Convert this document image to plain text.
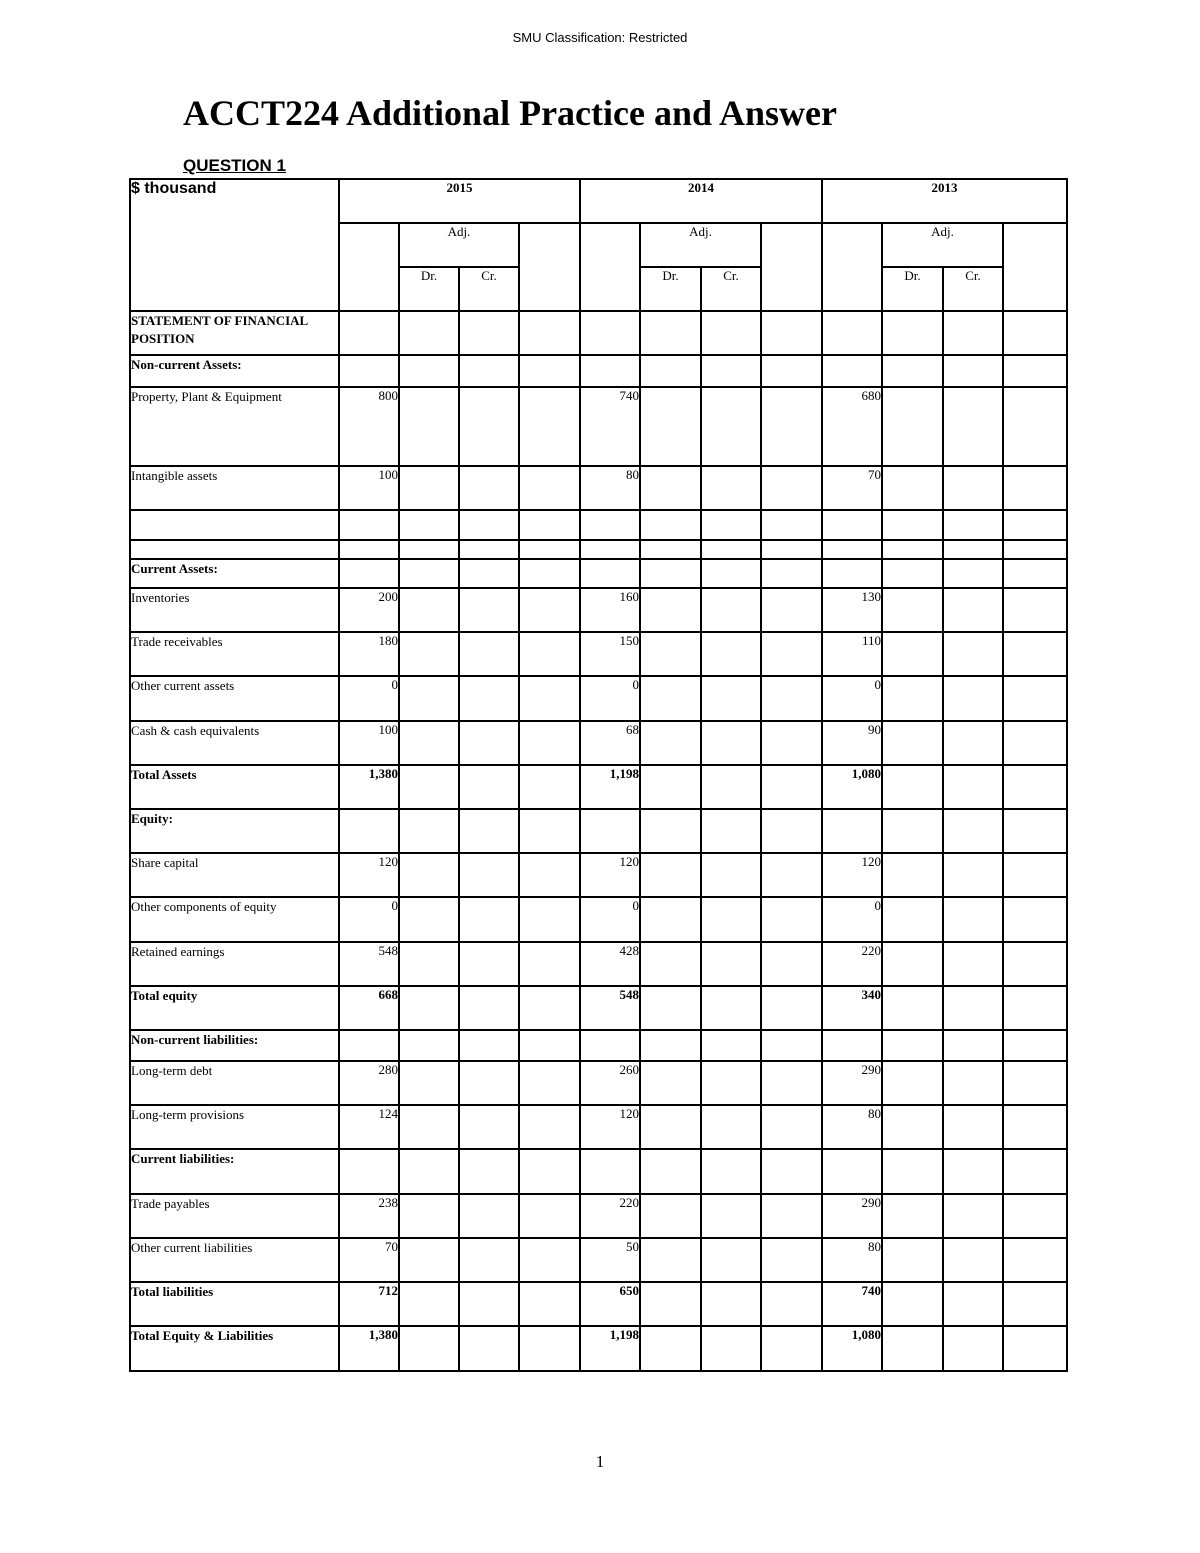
SMU Classification: Restricted
ACCT224 Additional Practice and Answer
QUESTION 1
$ thousand	2015				2014				2013			
		Adj.				Adj.				Adj.		
		Dr.	Cr.			Dr.	Cr.			Dr.	Cr.	
STATEMENT OF FINANCIAL POSITION												
Non-current Assets:												
Property, Plant & Equipment	800				740				680			
Intangible assets	100				80				70			

Current Assets:												
Inventories	200				160				130			
Trade receivables	180				150				110			
Other current assets	0				0				0			
Cash & cash equivalents	100				68				90			
Total Assets	1,380				1,198				1,080			
Equity:												
Share capital	120				120				120			
Other components of equity	0				0				0			
Retained earnings	548				428				220			
Total equity	668				548				340			
Non-current liabilities:												
Long-term debt	280				260				290			
Long-term provisions	124				120				80			
Current liabilities:												
Trade payables	238				220				290			
Other current liabilities	70				50				80			
Total liabilities	712				650				740			
Total Equity & Liabilities	1,380				1,198				1,080			
1
